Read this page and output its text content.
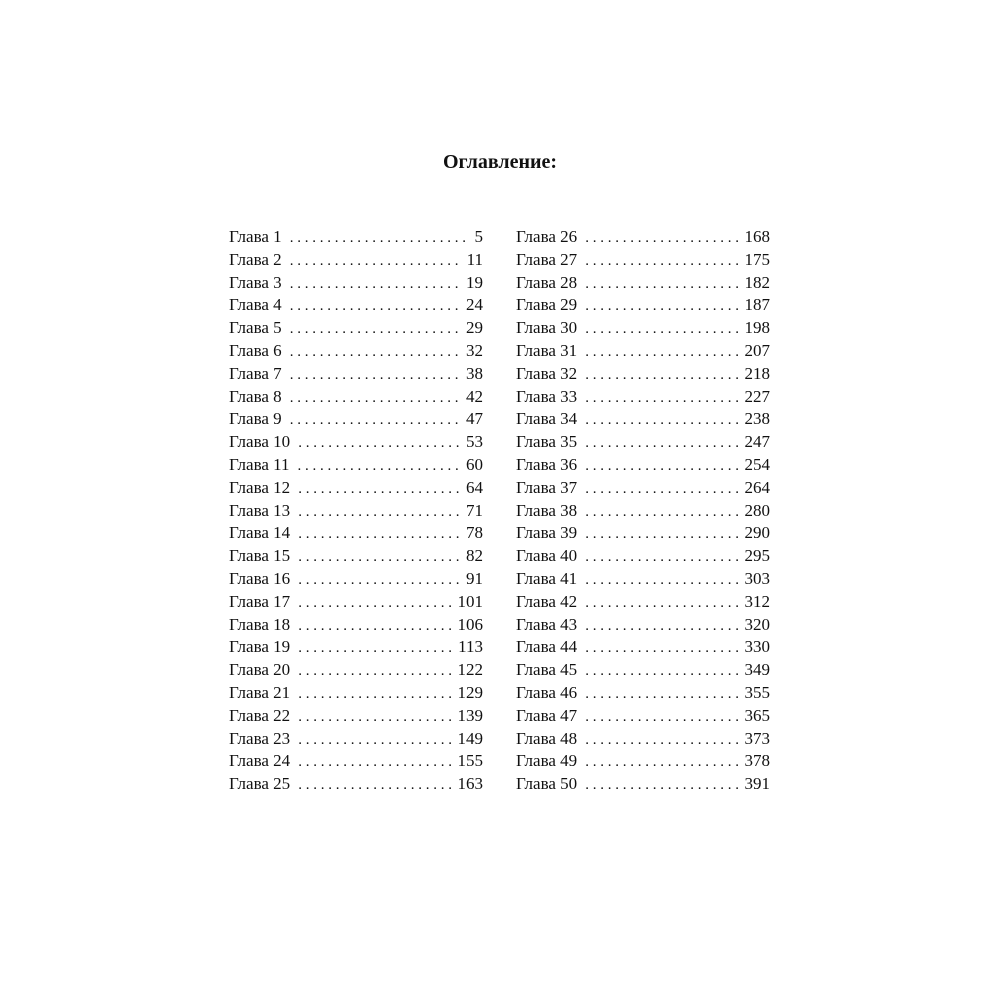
Оглавление:
Глава 1 . . .	5
Глава 2 . . .	11
Глава 3 . . .	19
Глава 4 . . .	24
Глава 5 . . .	29
Глава 6 . . .	32
Глава 7 . . .	38
Глава 8 . . .	42
Глава 9 . . .	47
Глава 10 . . .	53
Глава 11 . . .	60
Глава 12 . . .	64
Глава 13 . . .	71
Глава 14 . . .	78
Глава 15 . . .	82
Глава 16 . . .	91
Глава 17 . . .	101
Глава 18 . . .	106
Глава 19 . . .	113
Глава 20 . . .	122
Глава 21 . . .	129
Глава 22 . . .	139
Глава 23 . . .	149
Глава 24 . . .	155
Глава 25 . . .	163
Глава 26 . . .	168
Глава 27 . . .	175
Глава 28 . . .	182
Глава 29 . . .	187
Глава 30 . . .	198
Глава 31 . . .	207
Глава 32 . . .	218
Глава 33 . . .	227
Глава 34 . . .	238
Глава 35 . . .	247
Глава 36 . . .	254
Глава 37 . . .	264
Глава 38 . . .	280
Глава 39 . . .	290
Глава 40 . . .	295
Глава 41 . . .	303
Глава 42 . . .	312
Глава 43 . . .	320
Глава 44 . . .	330
Глава 45 . . .	349
Глава 46 . . .	355
Глава 47 . . .	365
Глава 48 . . .	373
Глава 49 . . .	378
Глава 50 . . .	391
